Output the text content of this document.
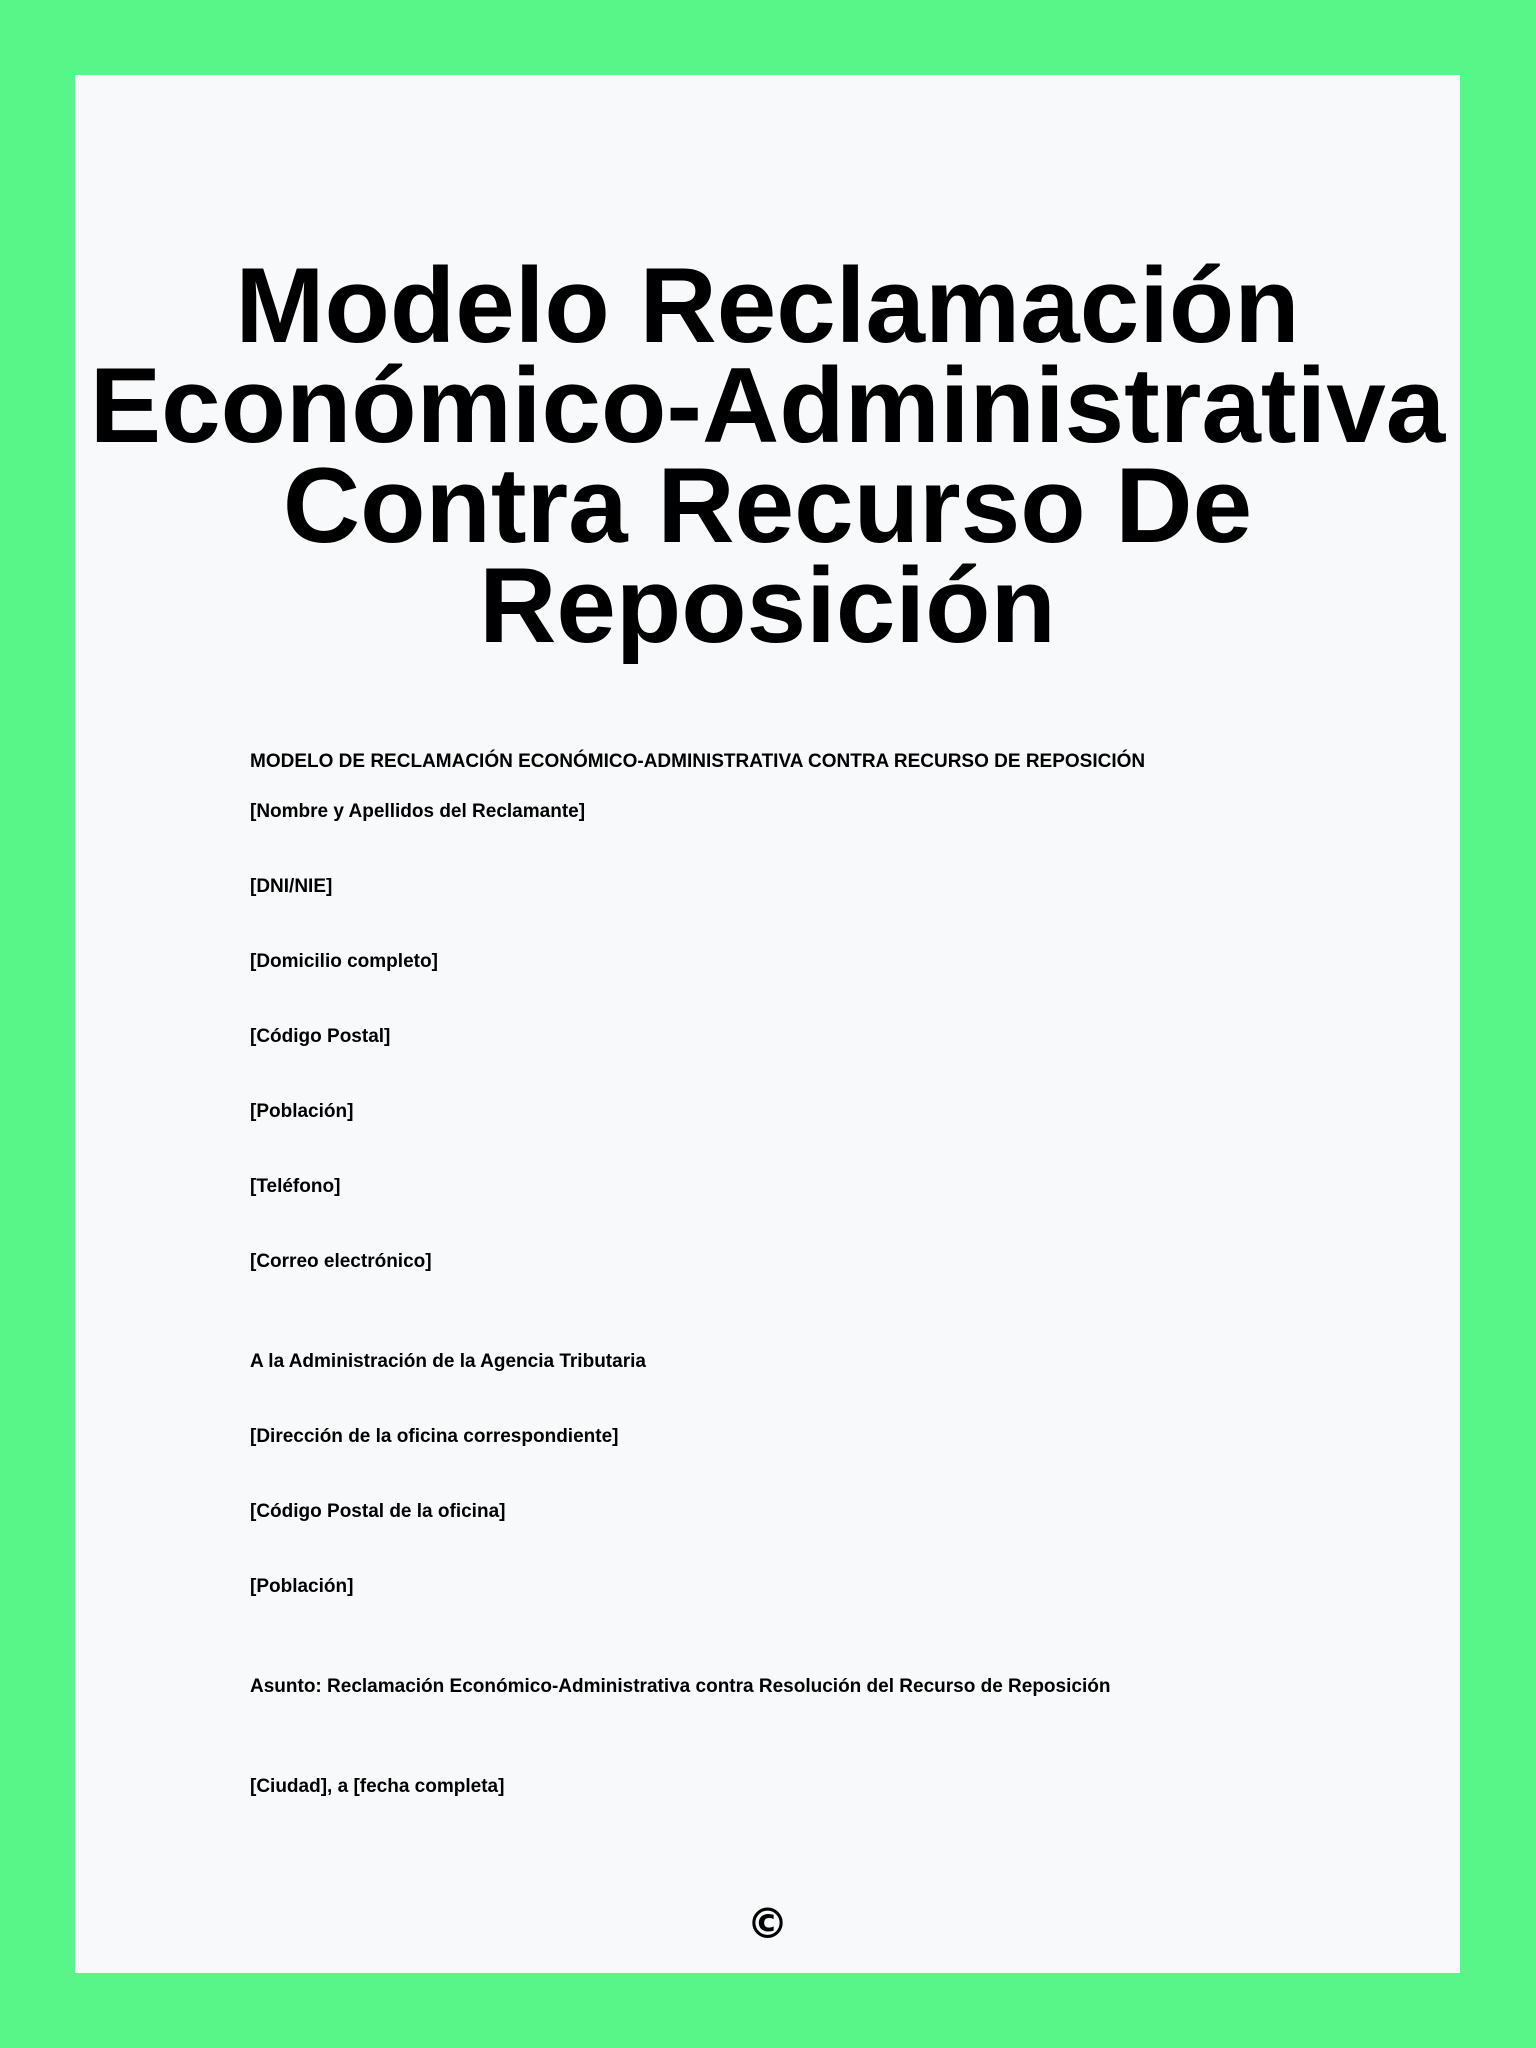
Modelo Reclamación Económico-Administrativa Contra Recurso De Reposición
MODELO DE RECLAMACIÓN ECONÓMICO-ADMINISTRATIVA CONTRA RECURSO DE REPOSICIÓN
[Nombre y Apellidos del Reclamante]
[DNI/NIE]
[Domicilio completo]
[Código Postal]
[Población]
[Teléfono]
[Correo electrónico]
A la Administración de la Agencia Tributaria
[Dirección de la oficina correspondiente]
[Código Postal de la oficina]
[Población]
Asunto: Reclamación Económico-Administrativa contra Resolución del Recurso de Reposición
[Ciudad], a [fecha completa]
©
